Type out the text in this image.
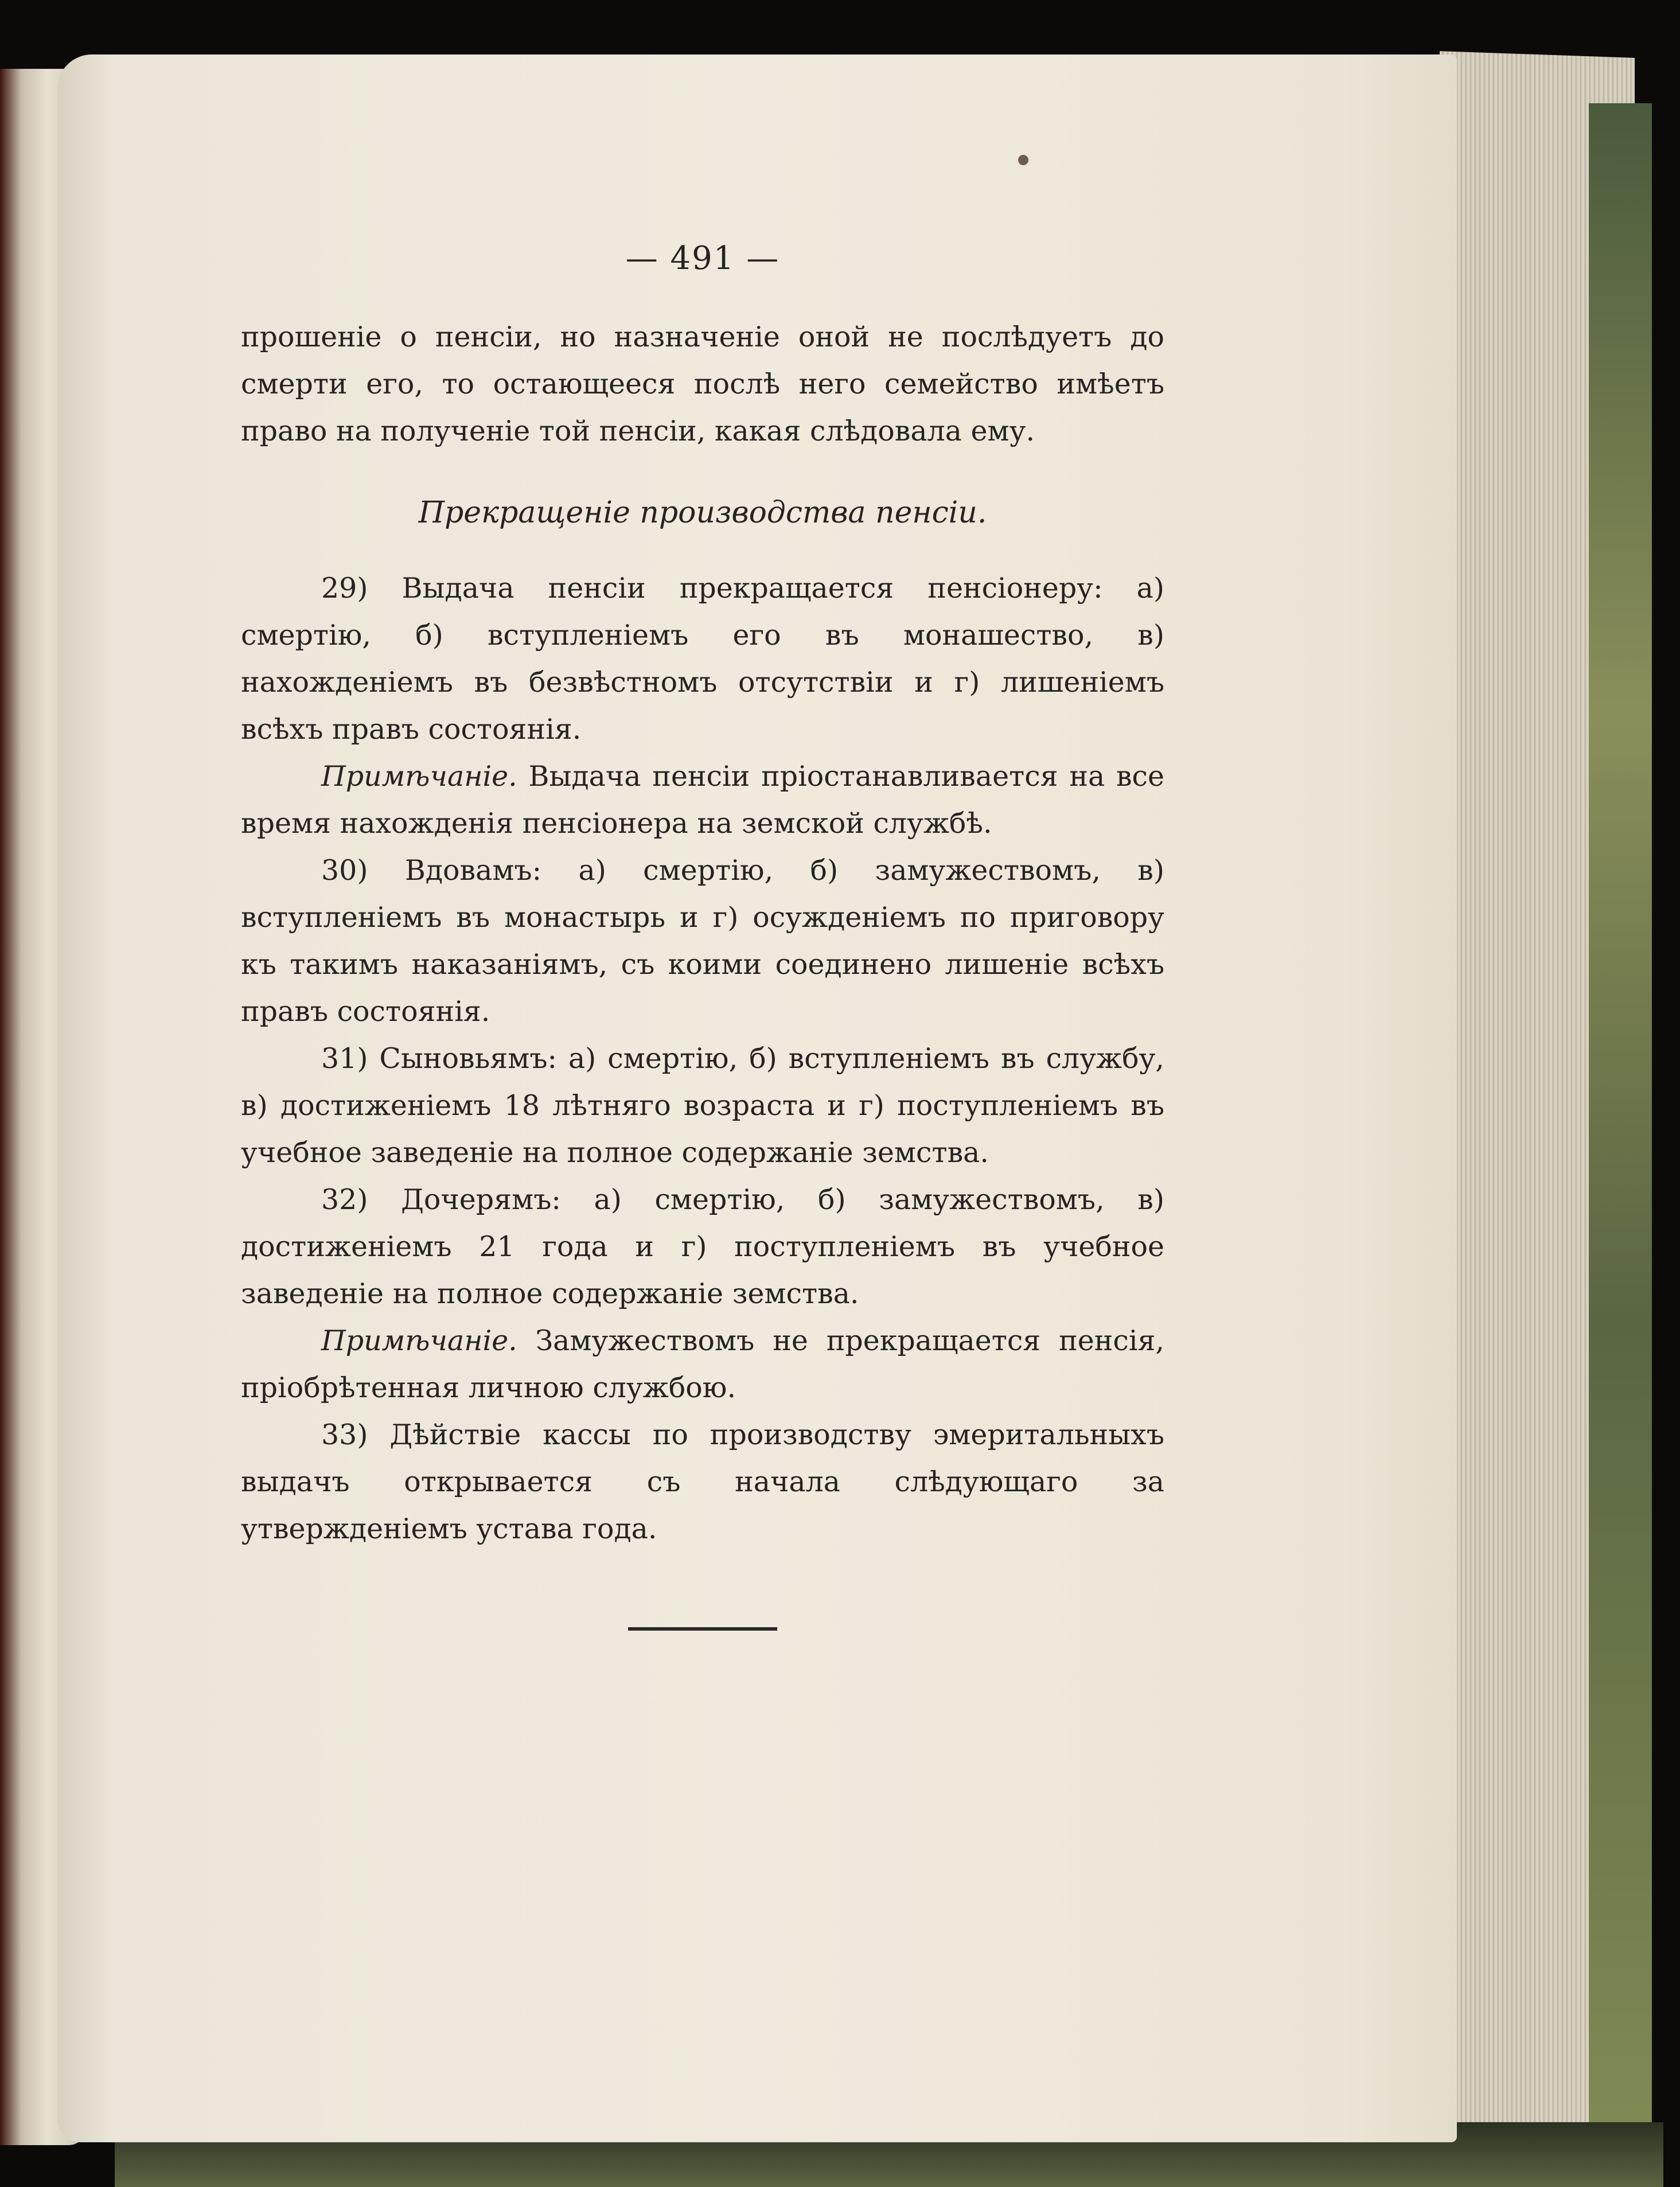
— 491 —

прошеніе о пенсіи, но назначеніе оной не послѣдуетъ до смерти его, то остающееся послѣ него семейство имѣетъ право на полученіе той пенсіи, какая слѣдовала ему.

Прекращеніе производства пенсіи.

29) Выдача пенсіи прекращается пенсіонеру: а) смертію, б) вступленіемъ его въ монашество, в) нахожденіемъ въ безвѣстномъ отсутствіи и г) лишеніемъ всѣхъ правъ состоянія.

Примѣчаніе. Выдача пенсіи пріостанавливается на все время нахожденія пенсіонера на земской службѣ.

30) Вдовамъ: а) смертію, б) замужествомъ, в) вступленіемъ въ монастырь и г) осужденіемъ по приговору къ такимъ наказаніямъ, съ коими соединено лишеніе всѣхъ правъ состоянія.

31) Сыновьямъ: а) смертію, б) вступленіемъ въ службу, в) достиженіемъ 18 лѣтняго возраста и г) поступленіемъ въ учебное заведеніе на полное содержаніе земства.

32) Дочерямъ: а) смертію, б) замужествомъ, в) достиженіемъ 21 года и г) поступленіемъ въ учебное заведеніе на полное содержаніе земства.

Примѣчаніе. Замужествомъ не прекращается пенсія, пріобрѣтенная личною службою.

33) Дѣйствіе кассы по производству эмеритальныхъ выдачъ открывается съ начала слѣдующаго за утвержденіемъ устава года.
